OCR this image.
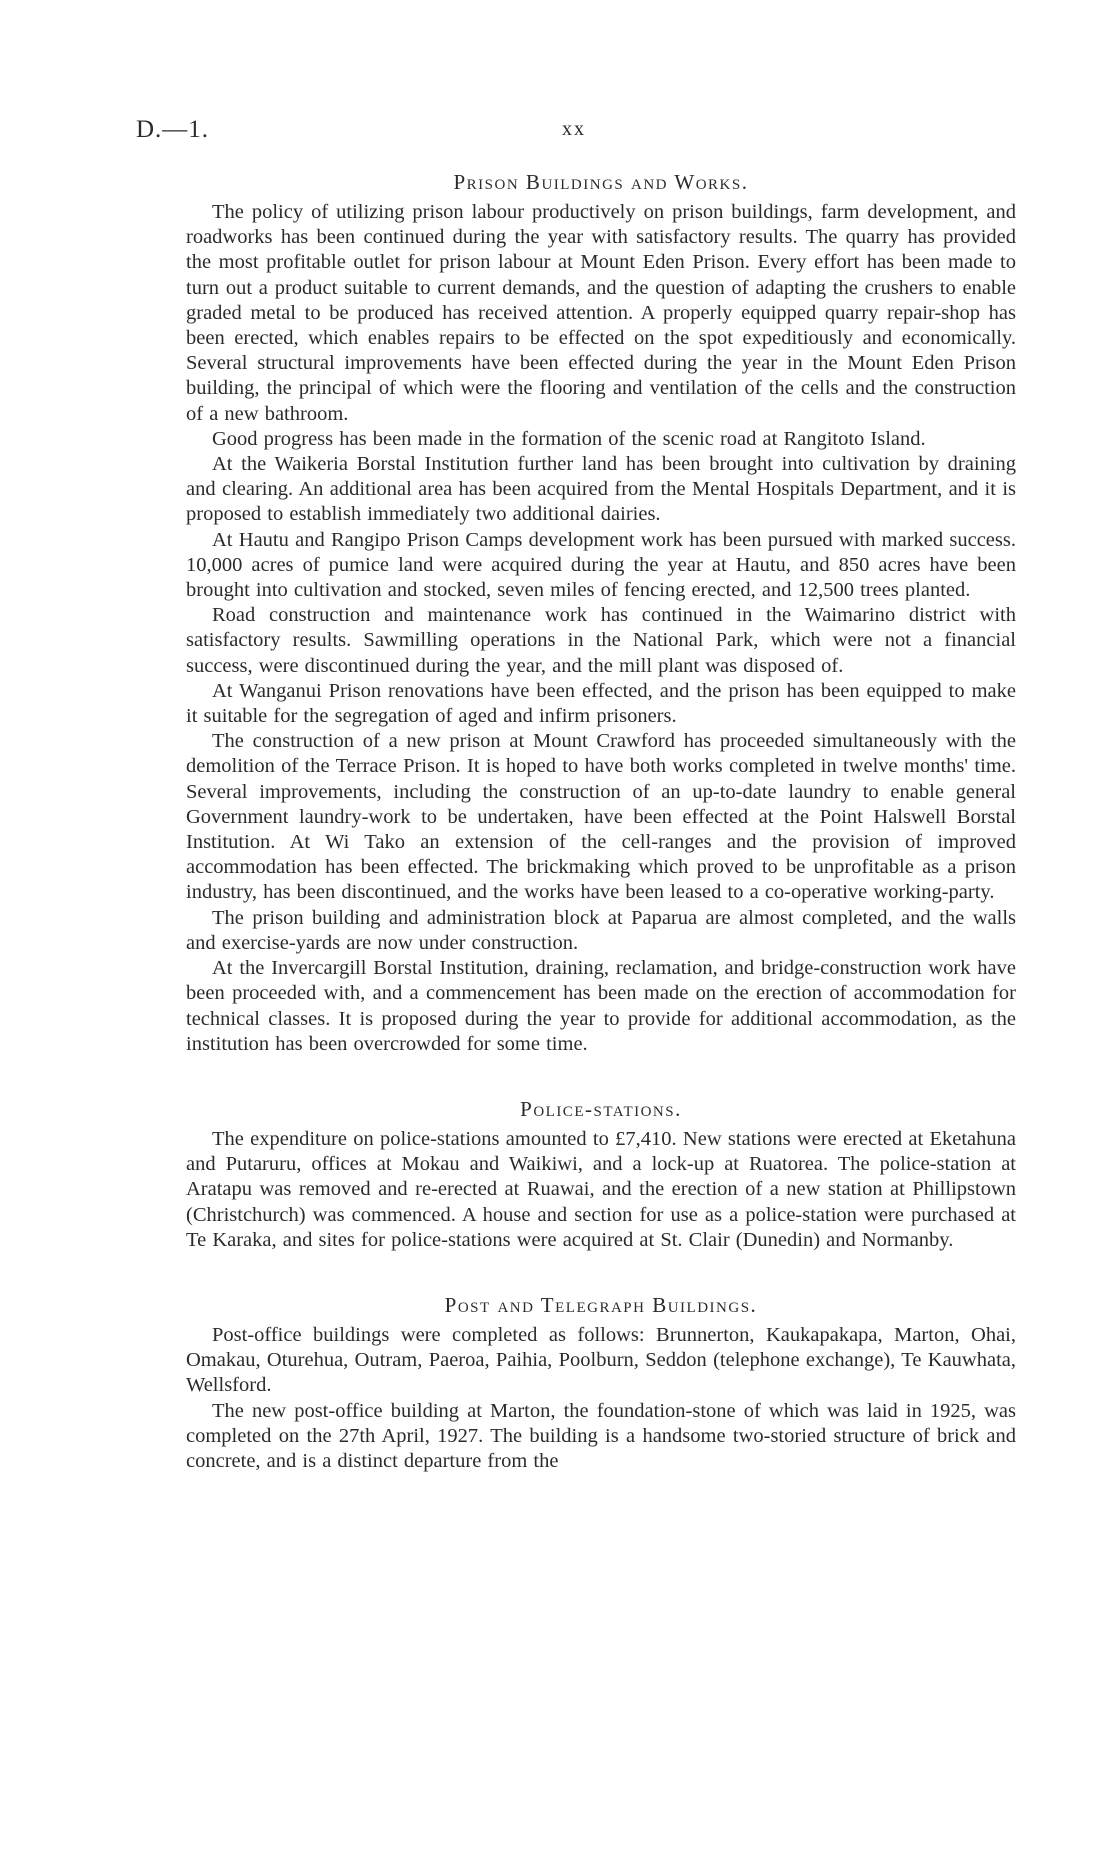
D.—1.	xx
Prison Buildings and Works.

The policy of utilizing prison labour productively on prison buildings, farm development, and roadworks has been continued during the year with satisfactory results. The quarry has provided the most profitable outlet for prison labour at Mount Eden Prison. Every effort has been made to turn out a product suitable to current demands, and the question of adapting the crushers to enable graded metal to be produced has received attention. A properly equipped quarry repair-shop has been erected, which enables repairs to be effected on the spot expeditiously and economically. Several structural improvements have been effected during the year in the Mount Eden Prison building, the principal of which were the flooring and ventilation of the cells and the construction of a new bathroom.

Good progress has been made in the formation of the scenic road at Rangitoto Island.

At the Waikeria Borstal Institution further land has been brought into cultivation by draining and clearing. An additional area has been acquired from the Mental Hospitals Department, and it is proposed to establish immediately two additional dairies.

At Hautu and Rangipo Prison Camps development work has been pursued with marked success. 10,000 acres of pumice land were acquired during the year at Hautu, and 850 acres have been brought into cultivation and stocked, seven miles of fencing erected, and 12,500 trees planted.

Road construction and maintenance work has continued in the Waimarino district with satisfactory results. Sawmilling operations in the National Park, which were not a financial success, were discontinued during the year, and the mill plant was disposed of.

At Wanganui Prison renovations have been effected, and the prison has been equipped to make it suitable for the segregation of aged and infirm prisoners.

The construction of a new prison at Mount Crawford has proceeded simultaneously with the demolition of the Terrace Prison. It is hoped to have both works completed in twelve months' time. Several improvements, including the construction of an up-to-date laundry to enable general Government laundry-work to be undertaken, have been effected at the Point Halswell Borstal Institution. At Wi Tako an extension of the cell-ranges and the provision of improved accommodation has been effected. The brickmaking which proved to be unprofitable as a prison industry, has been discontinued, and the works have been leased to a co-operative working-party.

The prison building and administration block at Paparua are almost completed, and the walls and exercise-yards are now under construction.

At the Invercargill Borstal Institution, draining, reclamation, and bridge-construction work have been proceeded with, and a commencement has been made on the erection of accommodation for technical classes. It is proposed during the year to provide for additional accommodation, as the institution has been overcrowded for some time.

Police-stations.

The expenditure on police-stations amounted to £7,410. New stations were erected at Eketahuna and Putaruru, offices at Mokau and Waikiwi, and a lock-up at Ruatorea. The police-station at Aratapu was removed and re-erected at Ruawai, and the erection of a new station at Phillipstown (Christchurch) was commenced. A house and section for use as a police-station were purchased at Te Karaka, and sites for police-stations were acquired at St. Clair (Dunedin) and Normanby.

Post and Telegraph Buildings.

Post-office buildings were completed as follows: Brunnerton, Kaukapakapa, Marton, Ohai, Omakau, Oturehua, Outram, Paeroa, Paihia, Poolburn, Seddon (telephone exchange), Te Kauwhata, Wellsford.

The new post-office building at Marton, the foundation-stone of which was laid in 1925, was completed on the 27th April, 1927. The building is a handsome two-storied structure of brick and concrete, and is a distinct departure from the
